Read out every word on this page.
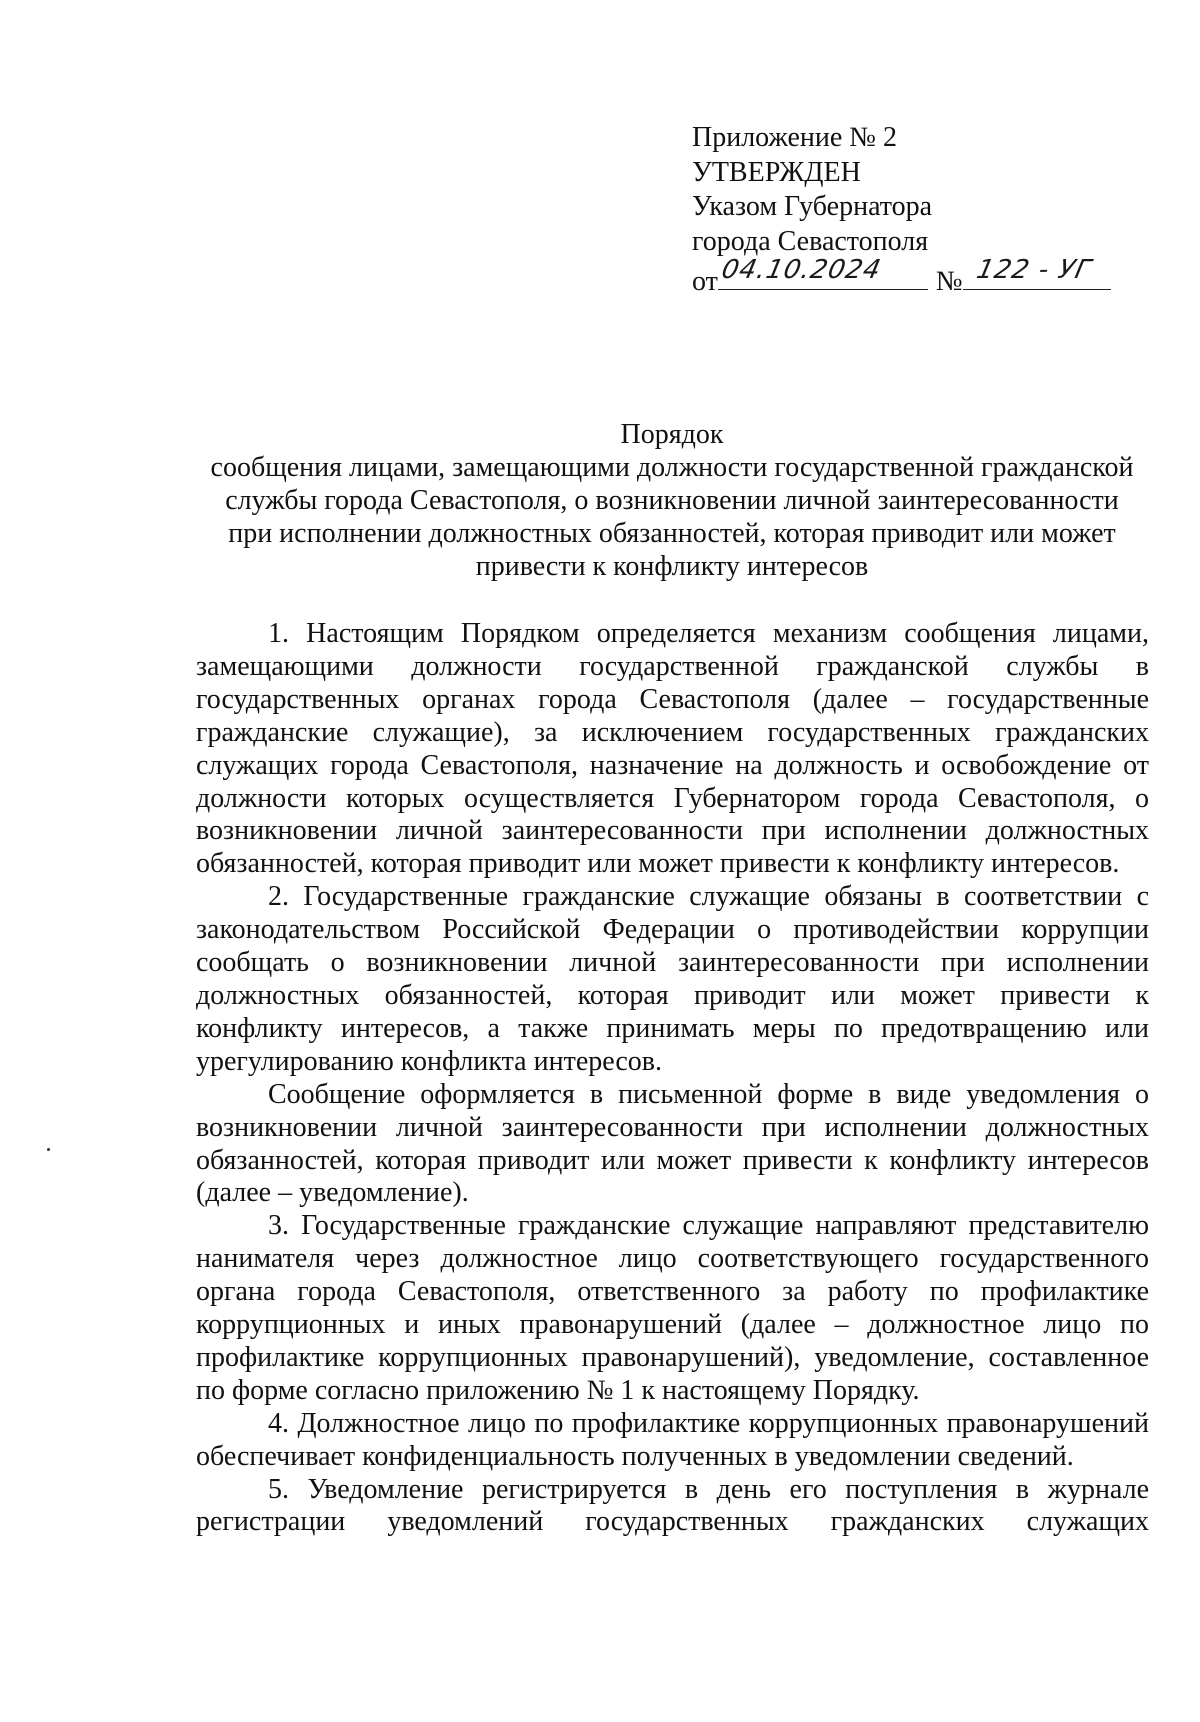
Приложение № 2
УТВЕРЖДЕН
Указом Губернатора
города Севастополя
от 04.10.2024 № 122 - УГ
Порядок
сообщения лицами, замещающими должности государственной гражданской
службы города Севастополя, о возникновении личной заинтересованности
при исполнении должностных обязанностей, которая приводит или может
привести к конфликту интересов

1. Настоящим Порядком определяется механизм сообщения лицами, замещающими должности государственной гражданской службы в государственных органах города Севастополя (далее – государственные гражданские служащие), за исключением государственных гражданских служащих города Севастополя, назначение на должность и освобождение от должности которых осуществляется Губернатором города Севастополя, о возникновении личной заинтересованности при исполнении должностных обязанностей, которая приводит или может привести к конфликту интересов.

2. Государственные гражданские служащие обязаны в соответствии с законодательством Российской Федерации о противодействии коррупции сообщать о возникновении личной заинтересованности при исполнении должностных обязанностей, которая приводит или может привести к конфликту интересов, а также принимать меры по предотвращению или урегулированию конфликта интересов.

Сообщение оформляется в письменной форме в виде уведомления о возникновении личной заинтересованности при исполнении должностных обязанностей, которая приводит или может привести к конфликту интересов (далее – уведомление).

3. Государственные гражданские служащие направляют представителю нанимателя через должностное лицо соответствующего государственного органа города Севастополя, ответственного за работу по профилактике коррупционных и иных правонарушений (далее – должностное лицо по профилактике коррупционных правонарушений), уведомление, составленное по форме согласно приложению № 1 к настоящему Порядку.

4. Должностное лицо по профилактике коррупционных правонарушений обеспечивает конфиденциальность полученных в уведомлении сведений.

5. Уведомление регистрируется в день его поступления в журнале регистрации уведомлений государственных гражданских служащих
